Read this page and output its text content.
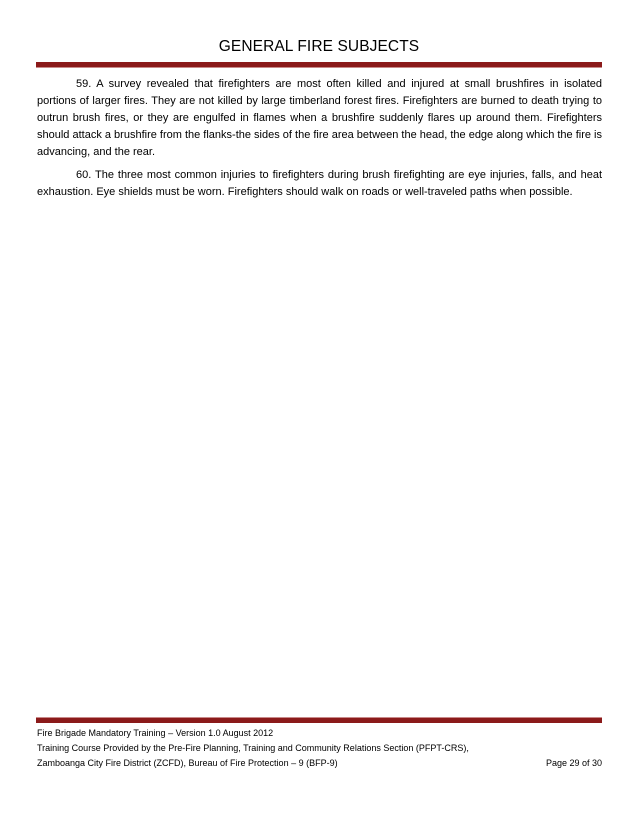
GENERAL FIRE SUBJECTS

59. A survey revealed that firefighters are most often killed and injured at small brushfires in isolated portions of larger fires. They are not killed by large timberland forest fires. Firefighters are burned to death trying to outrun brush fires, or they are engulfed in flames when a brushfire suddenly flares up around them. Firefighters should attack a brushfire from the flanks-the sides of the fire area between the head, the edge along which the fire is advancing, and the rear.

60. The three most common injuries to firefighters during brush firefighting are eye injuries, falls, and heat exhaustion. Eye shields must be worn. Firefighters should walk on roads or well-traveled paths when possible.

Fire Brigade Mandatory Training – Version 1.0 August 2012
Training Course Provided by the Pre-Fire Planning, Training and Community Relations Section (PFPT-CRS),
Zamboanga City Fire District (ZCFD), Bureau of Fire Protection – 9 (BFP-9)	Page 29 of 30
